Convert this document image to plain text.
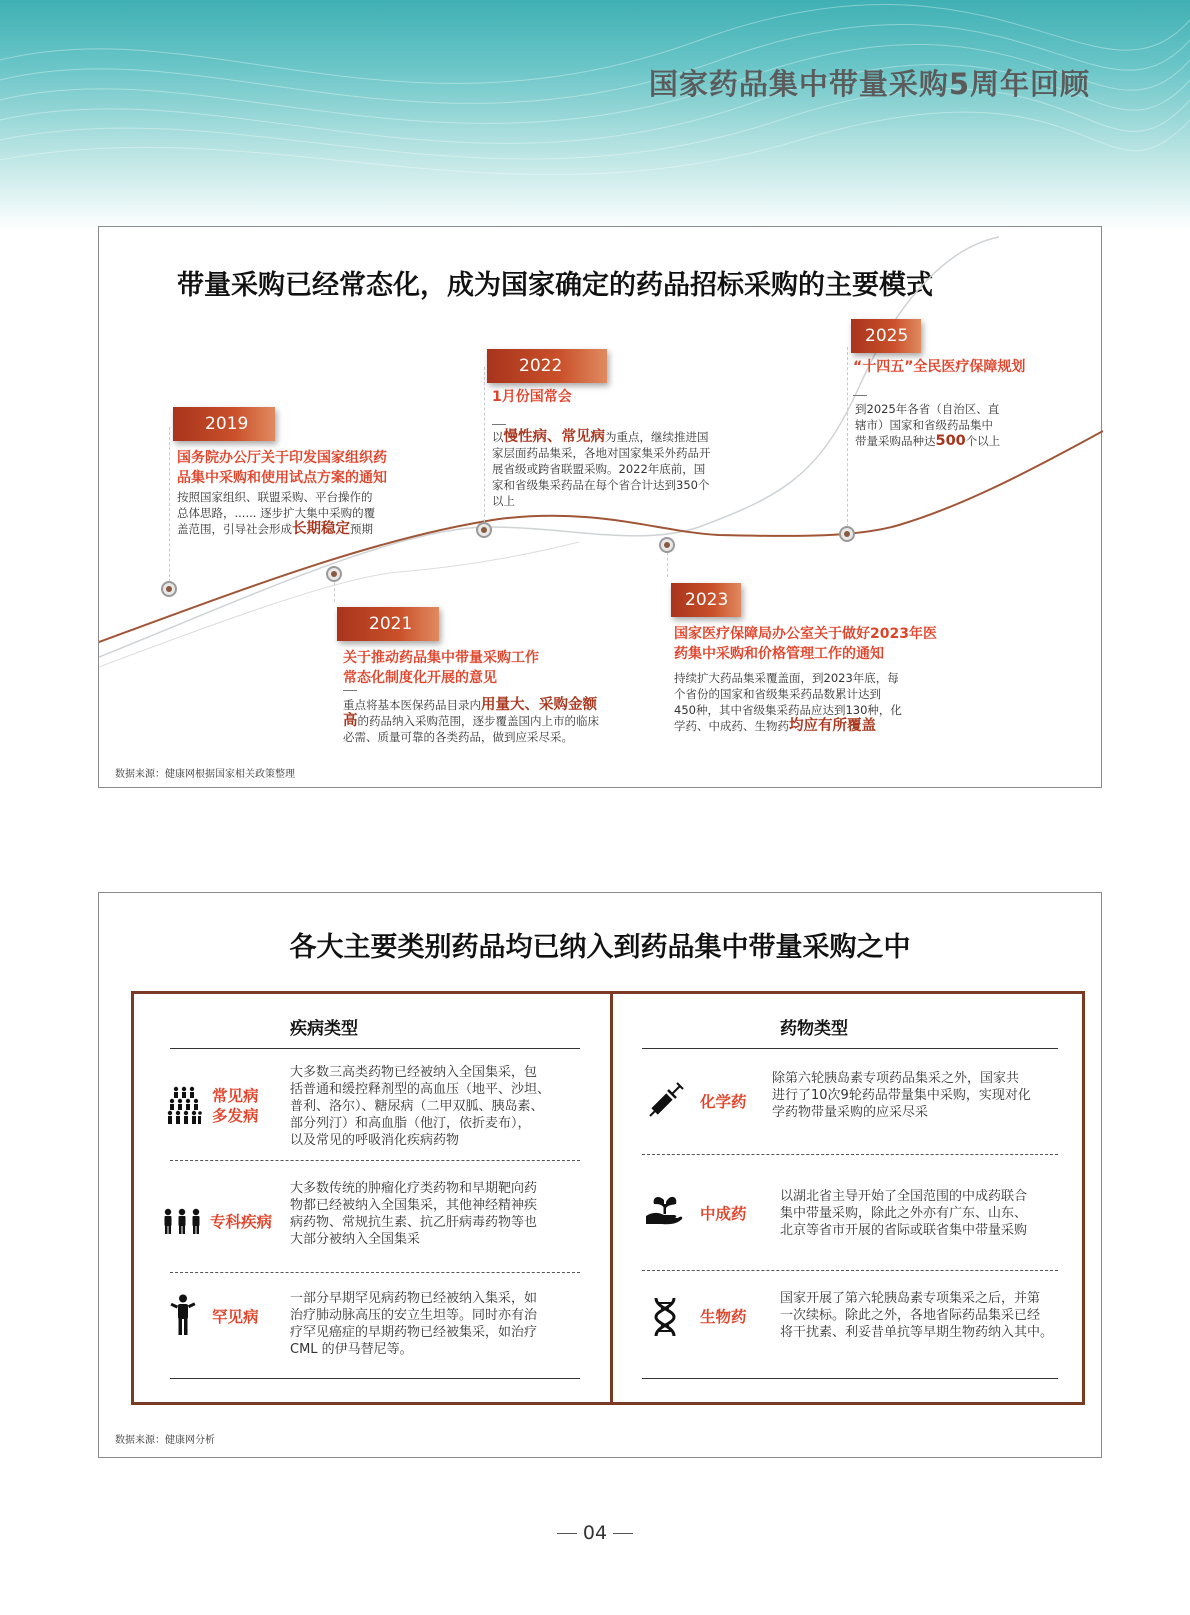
国家药品集中带量采购5周年回顾
带量采购已经常态化，成为国家确定的药品招标采购的主要模式
2019
国务院办公厅关于印发国家组织药
品集中采购和使用试点方案的通知
按照国家组织、联盟采购、平台操作的
总体思路，...... 逐步扩大集中采购的覆
盖范围，引导社会形成长期稳定预期
2021
关于推动药品集中带量采购工作
常态化制度化开展的意见
重点将基本医保药品目录内用量大、采购金额
高的药品纳入采购范围，逐步覆盖国内上市的临床
必需、质量可靠的各类药品，做到应采尽采。
2022
1月份国常会
以慢性病、常见病为重点，继续推进国
家层面药品集采，各地对国家集采外药品开
展省级或跨省联盟采购。2022年底前，国
家和省级集采药品在每个省合计达到350个
以上
2023
国家医疗保障局办公室关于做好2023年医
药集中采购和价格管理工作的通知
持续扩大药品集采覆盖面，到2023年底，每
个省份的国家和省级集采药品数累计达到
450种，其中省级集采药品应达到130种，化
学药、中成药、生物药均应有所覆盖
2025
“十四五”全民医疗保障规划
到2025年各省（自治区、直
辖市）国家和省级药品集中
带量采购品种达500个以上
数据来源：健康网根据国家相关政策整理
各大主要类别药品均已纳入到药品集中带量采购之中
疾病类型
常见病
多发病
大多数三高类药物已经被纳入全国集采，包
括普通和缓控释剂型的高血压（地平、沙坦、
普利、洛尔）、糖尿病（二甲双胍、胰岛素、
部分列汀）和高血脂（他汀，依折麦布），
以及常见的呼吸消化疾病药物
专科疾病
大多数传统的肿瘤化疗类药物和早期靶向药
物都已经被纳入全国集采，其他神经精神疾
病药物、常规抗生素、抗乙肝病毒药物等也
大部分被纳入全国集采
罕见病
一部分早期罕见病药物已经被纳入集采，如
治疗肺动脉高压的安立生坦等。同时亦有治
疗罕见癌症的早期药物已经被集采，如治疗
CML 的伊马替尼等。
药物类型
化学药
除第六轮胰岛素专项药品集采之外，国家共
进行了10次9轮药品带量集中采购，实现对化
学药物带量采购的应采尽采
中成药
以湖北省主导开始了全国范围的中成药联合
集中带量采购，除此之外亦有广东、山东、
北京等省市开展的省际或联省集中带量采购
生物药
国家开展了第六轮胰岛素专项集采之后，并第
一次续标。除此之外，各地省际药品集采已经
将干扰素、利妥昔单抗等早期生物药纳入其中。
数据来源：健康网分析
04
